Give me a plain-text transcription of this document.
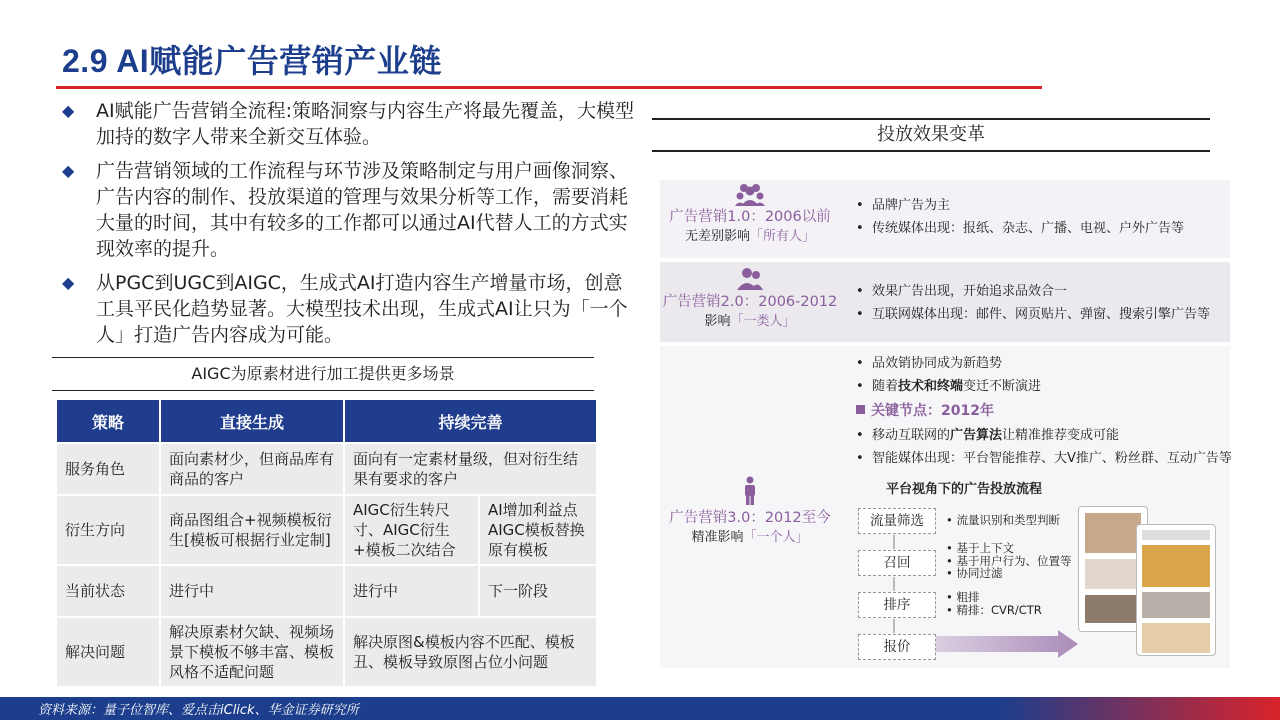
2.9 AI赋能广告营销产业链
◆	AI赋能广告营销全流程:策略洞察与内容生产将最先覆盖，大模型加持的数字人带来全新交互体验。
◆	广告营销领域的工作流程与环节涉及策略制定与用户画像洞察、广告内容的制作、投放渠道的管理与效果分析等工作，需要消耗大量的时间，其中有较多的工作都可以通过AI代替人工的方式实现效率的提升。
◆	从PGC到UGC到AIGC，生成式AI打造内容生产增量市场，创意工具平民化趋势显著。大模型技术出现，生成式AI让只为「一个人」打造广告内容成为可能。
AIGC为原素材进行加工提供更多场景
策略	直接生成	持续完善	
服务角色	面向素材少，但商品库有商品的客户	面向有一定素材量级，但对衍生结果有要求的客户	
衍生方向	商品图组合+视频模板衍生[模板可根据行业定制]	AIGC衍生转尺寸、AIGC衍生+模板二次结合	AI增加利益点AIGC模板替换原有模板
当前状态	进行中	进行中	下一阶段
解决问题	解决原素材欠缺、视频场景下模板不够丰富、模板风格不适配问题	解决原图&模板内容不匹配、模板丑、模板导致原图占位小问题	
投放效果变革
广告营销1.0：2006以前
无差别影响「所有人」
• 品牌广告为主
• 传统媒体出现：报纸、杂志、广播、电视、户外广告等
广告营销2.0：2006-2012
影响「一类人」
• 效果广告出现，开始追求品效合一
• 互联网媒体出现：邮件、网页贴片、弹窗、搜索引擎广告等
广告营销3.0：2012至今
精准影响「一个人」
• 品效销协同成为新趋势
• 随着技术和终端变迁不断演进
关键节点：2012年
• 移动互联网的广告算法让精准推荐变成可能
• 智能媒体出现：平台智能推荐、大V推广、粉丝群、互动广告等
平台视角下的广告投放流程
流量筛选	• 流量识别和类型判断
召回
• 基于上下文
• 基于用户行为、位置等
• 协同过滤
排序	• 粗排
• 精排：CVR/CTR
报价
资料来源：量子位智库、爱点击iClick、华金证券研究所
